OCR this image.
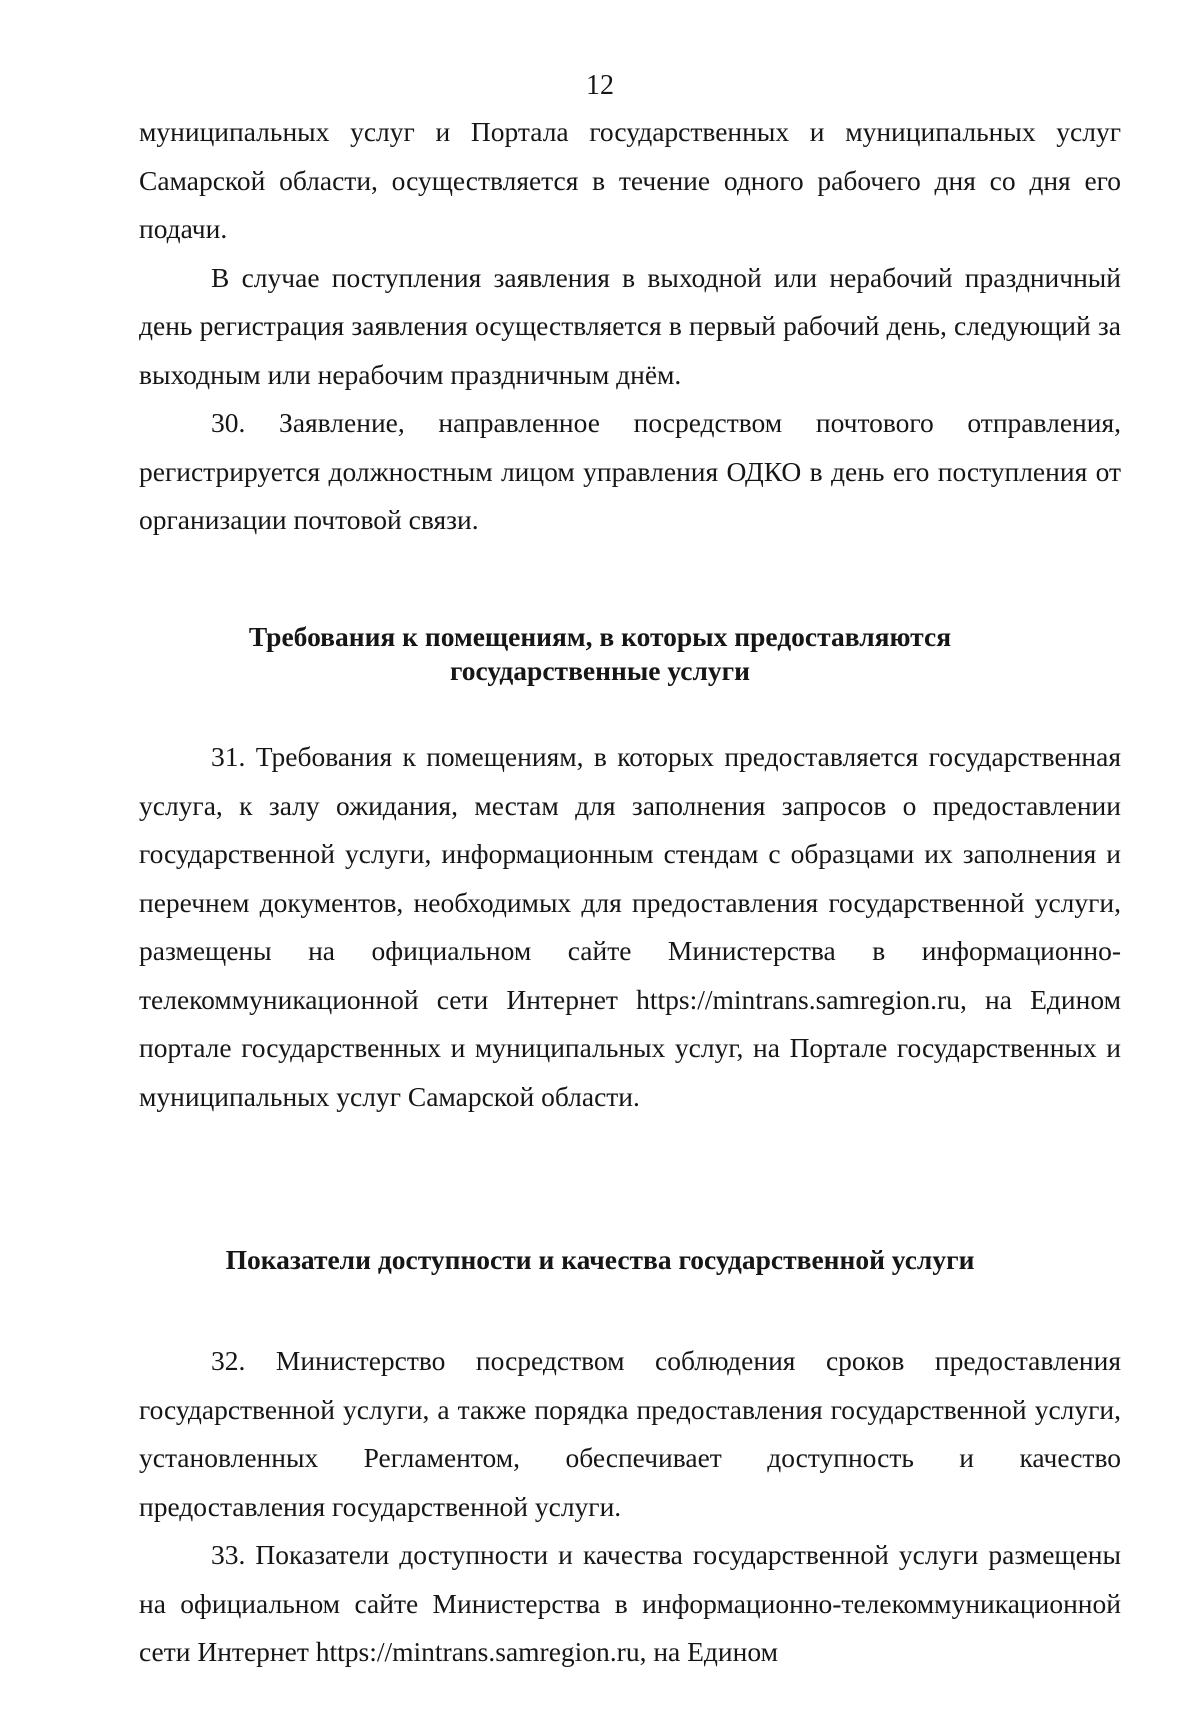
12

муниципальных услуг и Портала государственных и муниципальных услуг Самарской области, осуществляется в течение одного рабочего дня со дня его подачи.

В случае поступления заявления в выходной или нерабочий праздничный день регистрация заявления осуществляется в первый рабочий день, следующий за выходным или нерабочим праздничным днём.

30. Заявление, направленное посредством почтового отправления, регистрируется должностным лицом управления ОДКО в день его поступления от организации почтовой связи.

Требования к помещениям, в которых предоставляются
государственные услуги

31. Требования к помещениям, в которых предоставляется государственная услуга, к залу ожидания, местам для заполнения запросов о предоставлении государственной услуги, информационным стендам с образцами их заполнения и перечнем документов, необходимых для предоставления государственной услуги, размещены на официальном сайте Министерства в информационно-телекоммуникационной сети Интернет https://mintrans.samregion.ru, на Едином портале государственных и муниципальных услуг, на Портале государственных и муниципальных услуг Самарской области.

Показатели доступности и качества государственной услуги

32. Министерство посредством соблюдения сроков предоставления государственной услуги, а также порядка предоставления государственной услуги, установленных Регламентом, обеспечивает доступность и качество предоставления государственной услуги.

33. Показатели доступности и качества государственной услуги размещены на официальном сайте Министерства в информационно-телекоммуникационной сети Интернет https://mintrans.samregion.ru, на Едином
